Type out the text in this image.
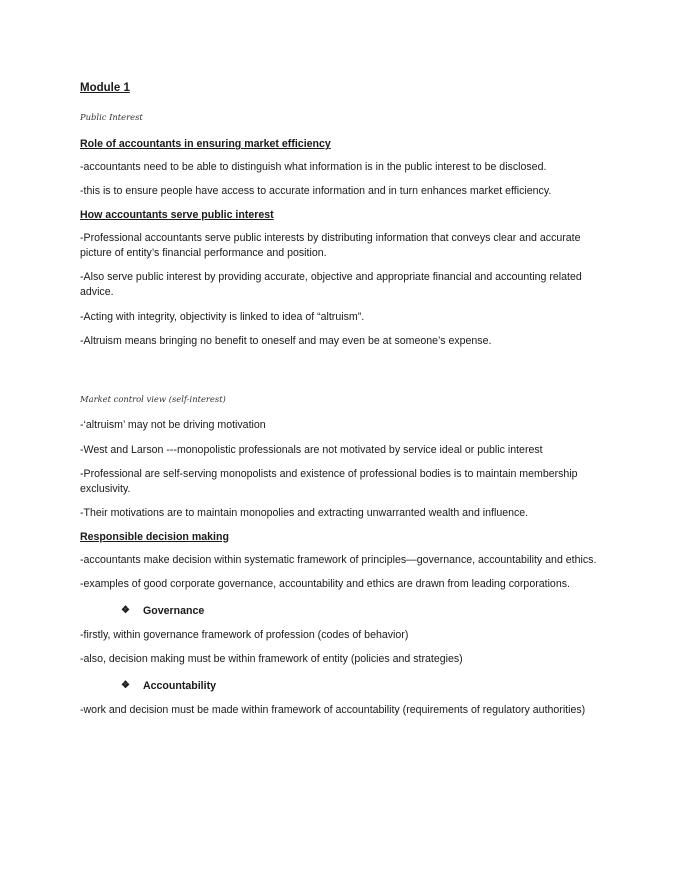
Module 1
Public Interest
Role of accountants in ensuring market efficiency

-accountants need to be able to distinguish what information is in the public interest to be disclosed.

-this is to ensure people have access to accurate information and in turn enhances market efficiency.

How accountants serve public interest

-Professional accountants serve public interests by distributing information that conveys clear and accurate picture of entity’s financial performance and position.

-Also serve public interest by providing accurate, objective and appropriate financial and accounting related advice.

-Acting with integrity, objectivity is linked to idea of “altruism”.

-Altruism means bringing no benefit to oneself and may even be at someone’s expense.

Market control view (self-interest)

-‘altruism’ may not be driving motivation

-West and Larson ---monopolistic professionals are not motivated by service ideal or public interest

-Professional are self-serving monopolists and existence of professional bodies is to maintain membership exclusivity.

-Their motivations are to maintain monopolies and extracting unwarranted wealth and influence.

Responsible decision making

-accountants make decision within systematic framework of principles—governance, accountability and ethics.

-examples of good corporate governance, accountability and ethics are drawn from leading corporations.

❖ Governance

-firstly, within governance framework of profession (codes of behavior)

-also, decision making must be within framework of entity (policies and strategies)

❖ Accountability

-work and decision must be made within framework of accountability (requirements of regulatory authorities)
